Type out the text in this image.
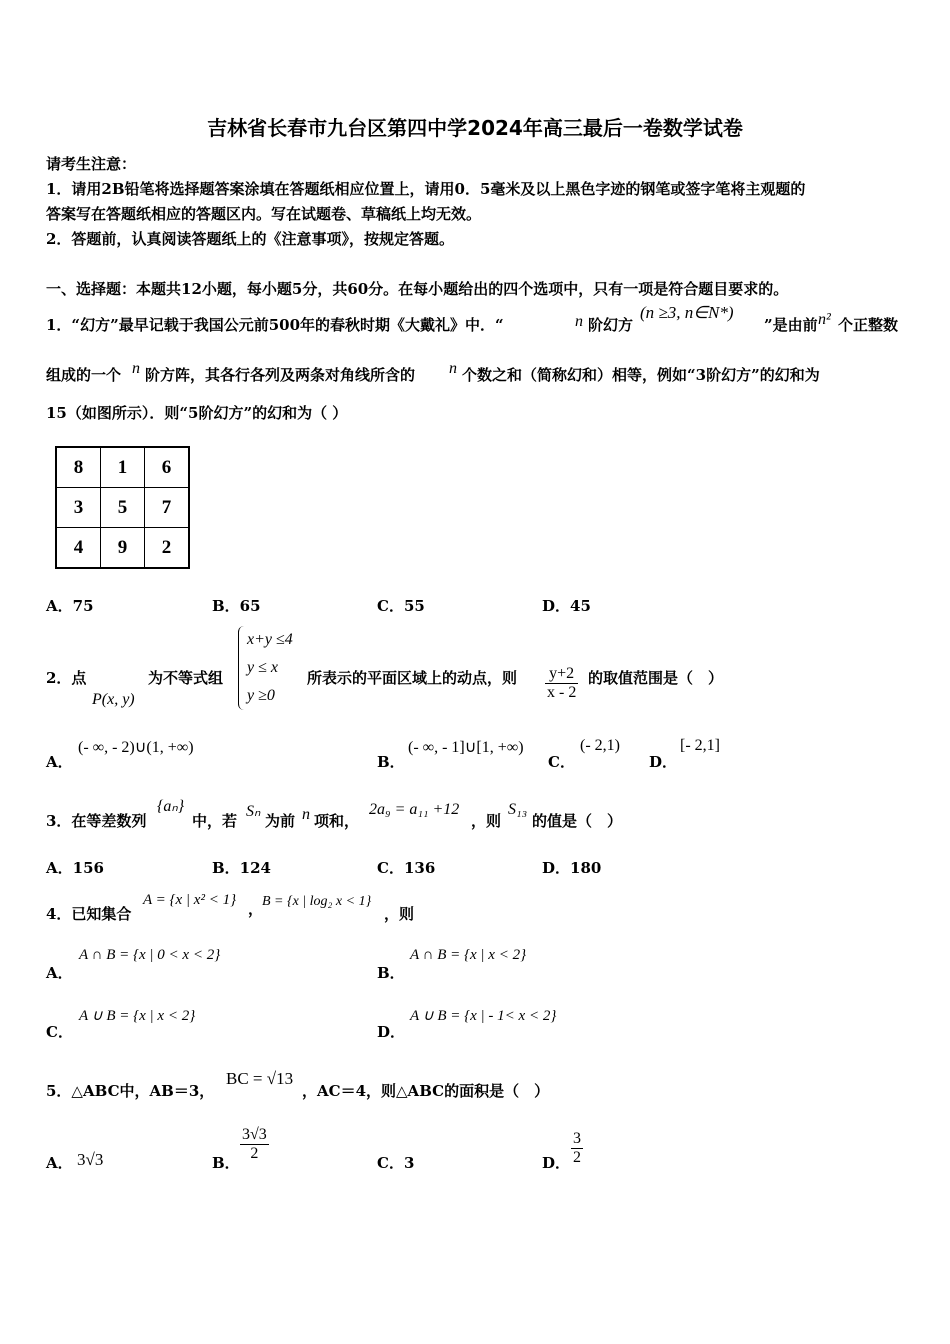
吉林省长春市九台区第四中学2024年高三最后一卷数学试卷
请考生注意：
1．请用2B铅笔将选择题答案涂填在答题纸相应位置上，请用0．5毫米及以上黑色字迹的钢笔或签字笔将主观题的
答案写在答题纸相应的答题区内。写在试题卷、草稿纸上均无效。
2．答题前，认真阅读答题纸上的《注意事项》，按规定答题。
一、选择题：本题共12小题，每小题5分，共60分。在每小题给出的四个选项中，只有一项是符合题目要求的。
1．“幻方”最早记载于我国公元前500年的春秋时期《大戴礼》中．“	n 阶幻方
(n ≥3, n∈N*)
”是由前 n² 个正整数
组成的一个 n 阶方阵，其各行各列及两条对角线所含的 n 个数之和（简称幻和）相等，例如“3阶幻方”的幻和为
15（如图所示）．则“5阶幻方”的幻和为（ ）
8	1	6
3	5	7
4	9	2
A．75	B．65	C．55	D．45
2．点
P(x, y)
为不等式组
x+y ≤4
y ≤ x
y ≥0
所表示的平面区域上的动点，则 $\frac{y+2}{x - 2}$ 的取值范围是（　）
A．
(- ∞, - 2)∪(1, +∞)
B．
(- ∞, - 1]∪[1, +∞)
C．
(- 2,1)
D．
[- 2,1]
3．在等差数列
{aₙ}
中，若
Sₙ
为前 n 项和，
2a₉ = a₁₁ +12
，则
S₁₃
的值是（　）
A．156	B．124	C．136	D．180
4．已知集合
A = {x | x² < 1} ，
B = {x | log₂ x < 1}
，则
A．
A ∩ B = {x | 0 < x < 2}
B．
A ∩ B = {x | x < 2}
C．
A ∪ B = {x | x < 2}
D．
A ∪ B = {x | - 1< x < 2}
5．△ABC中，AB＝3，
BC = √13
，AC＝4，则△ABC的面积是（　）
A． 3√3	B． $\frac{3√3}{2}$	C．3	D． $\frac{3}{2}$
